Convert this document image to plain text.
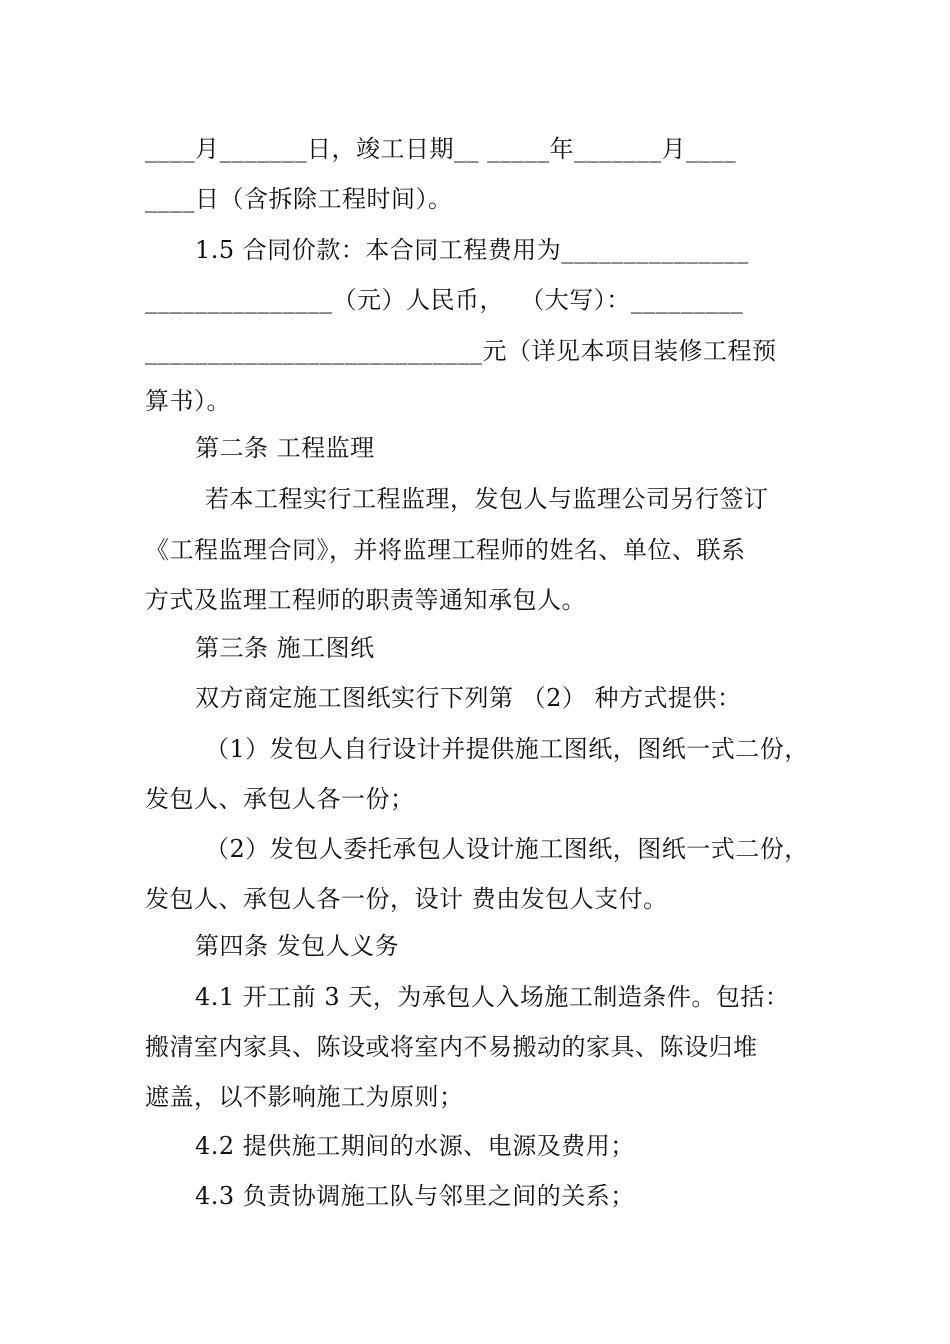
____月_______日，竣工日期__ _____年_______月____
____日（含拆除工程时间）。
1.5 合同价款：本合同工程费用为_______________
_______________（元）人民币，  （大写）：_________
___________________________元（详见本项目装修工程预
算书）。
第二条 工程监理
若本工程实行工程监理，发包人与监理公司另行签订
《工程监理合同》，并将监理工程师的姓名、单位、联系
方式及监理工程师的职责等通知承包人。
第三条 施工图纸
双方商定施工图纸实行下列第 （2） 种方式提供：
（1）发包人自行设计并提供施工图纸，图纸一式二份，
发包人、承包人各一份；
（2）发包人委托承包人设计施工图纸，图纸一式二份，
发包人、承包人各一份，设计 费由发包人支付。
第四条 发包人义务
4.1 开工前 3 天，为承包人入场施工制造条件。包括：
搬清室内家具、陈设或将室内不易搬动的家具、陈设归堆
遮盖，以不影响施工为原则；
4.2 提供施工期间的水源、电源及费用；
4.3 负责协调施工队与邻里之间的关系；
